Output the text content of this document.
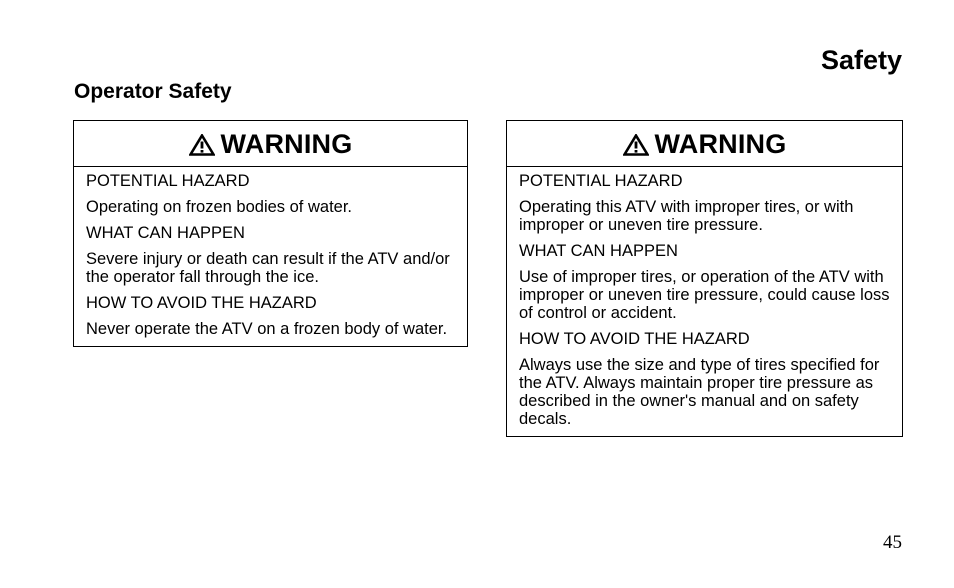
Safety
Operator Safety
WARNING

POTENTIAL HAZARD

Operating on frozen bodies of water.

WHAT CAN HAPPEN

Severe injury or death can result if the ATV and/or the operator fall through the ice.

HOW TO AVOID THE HAZARD

Never operate the ATV on a frozen body of water.

WARNING

POTENTIAL HAZARD

Operating this ATV with improper tires, or with improper or uneven tire pressure.

WHAT CAN HAPPEN

Use of improper tires, or operation of the ATV with improper or uneven tire pressure, could cause loss of control or accident.

HOW TO AVOID THE HAZARD

Always use the size and type of tires specified for the ATV. Always maintain proper tire pressure as described in the owner's manual and on safety decals.

45
